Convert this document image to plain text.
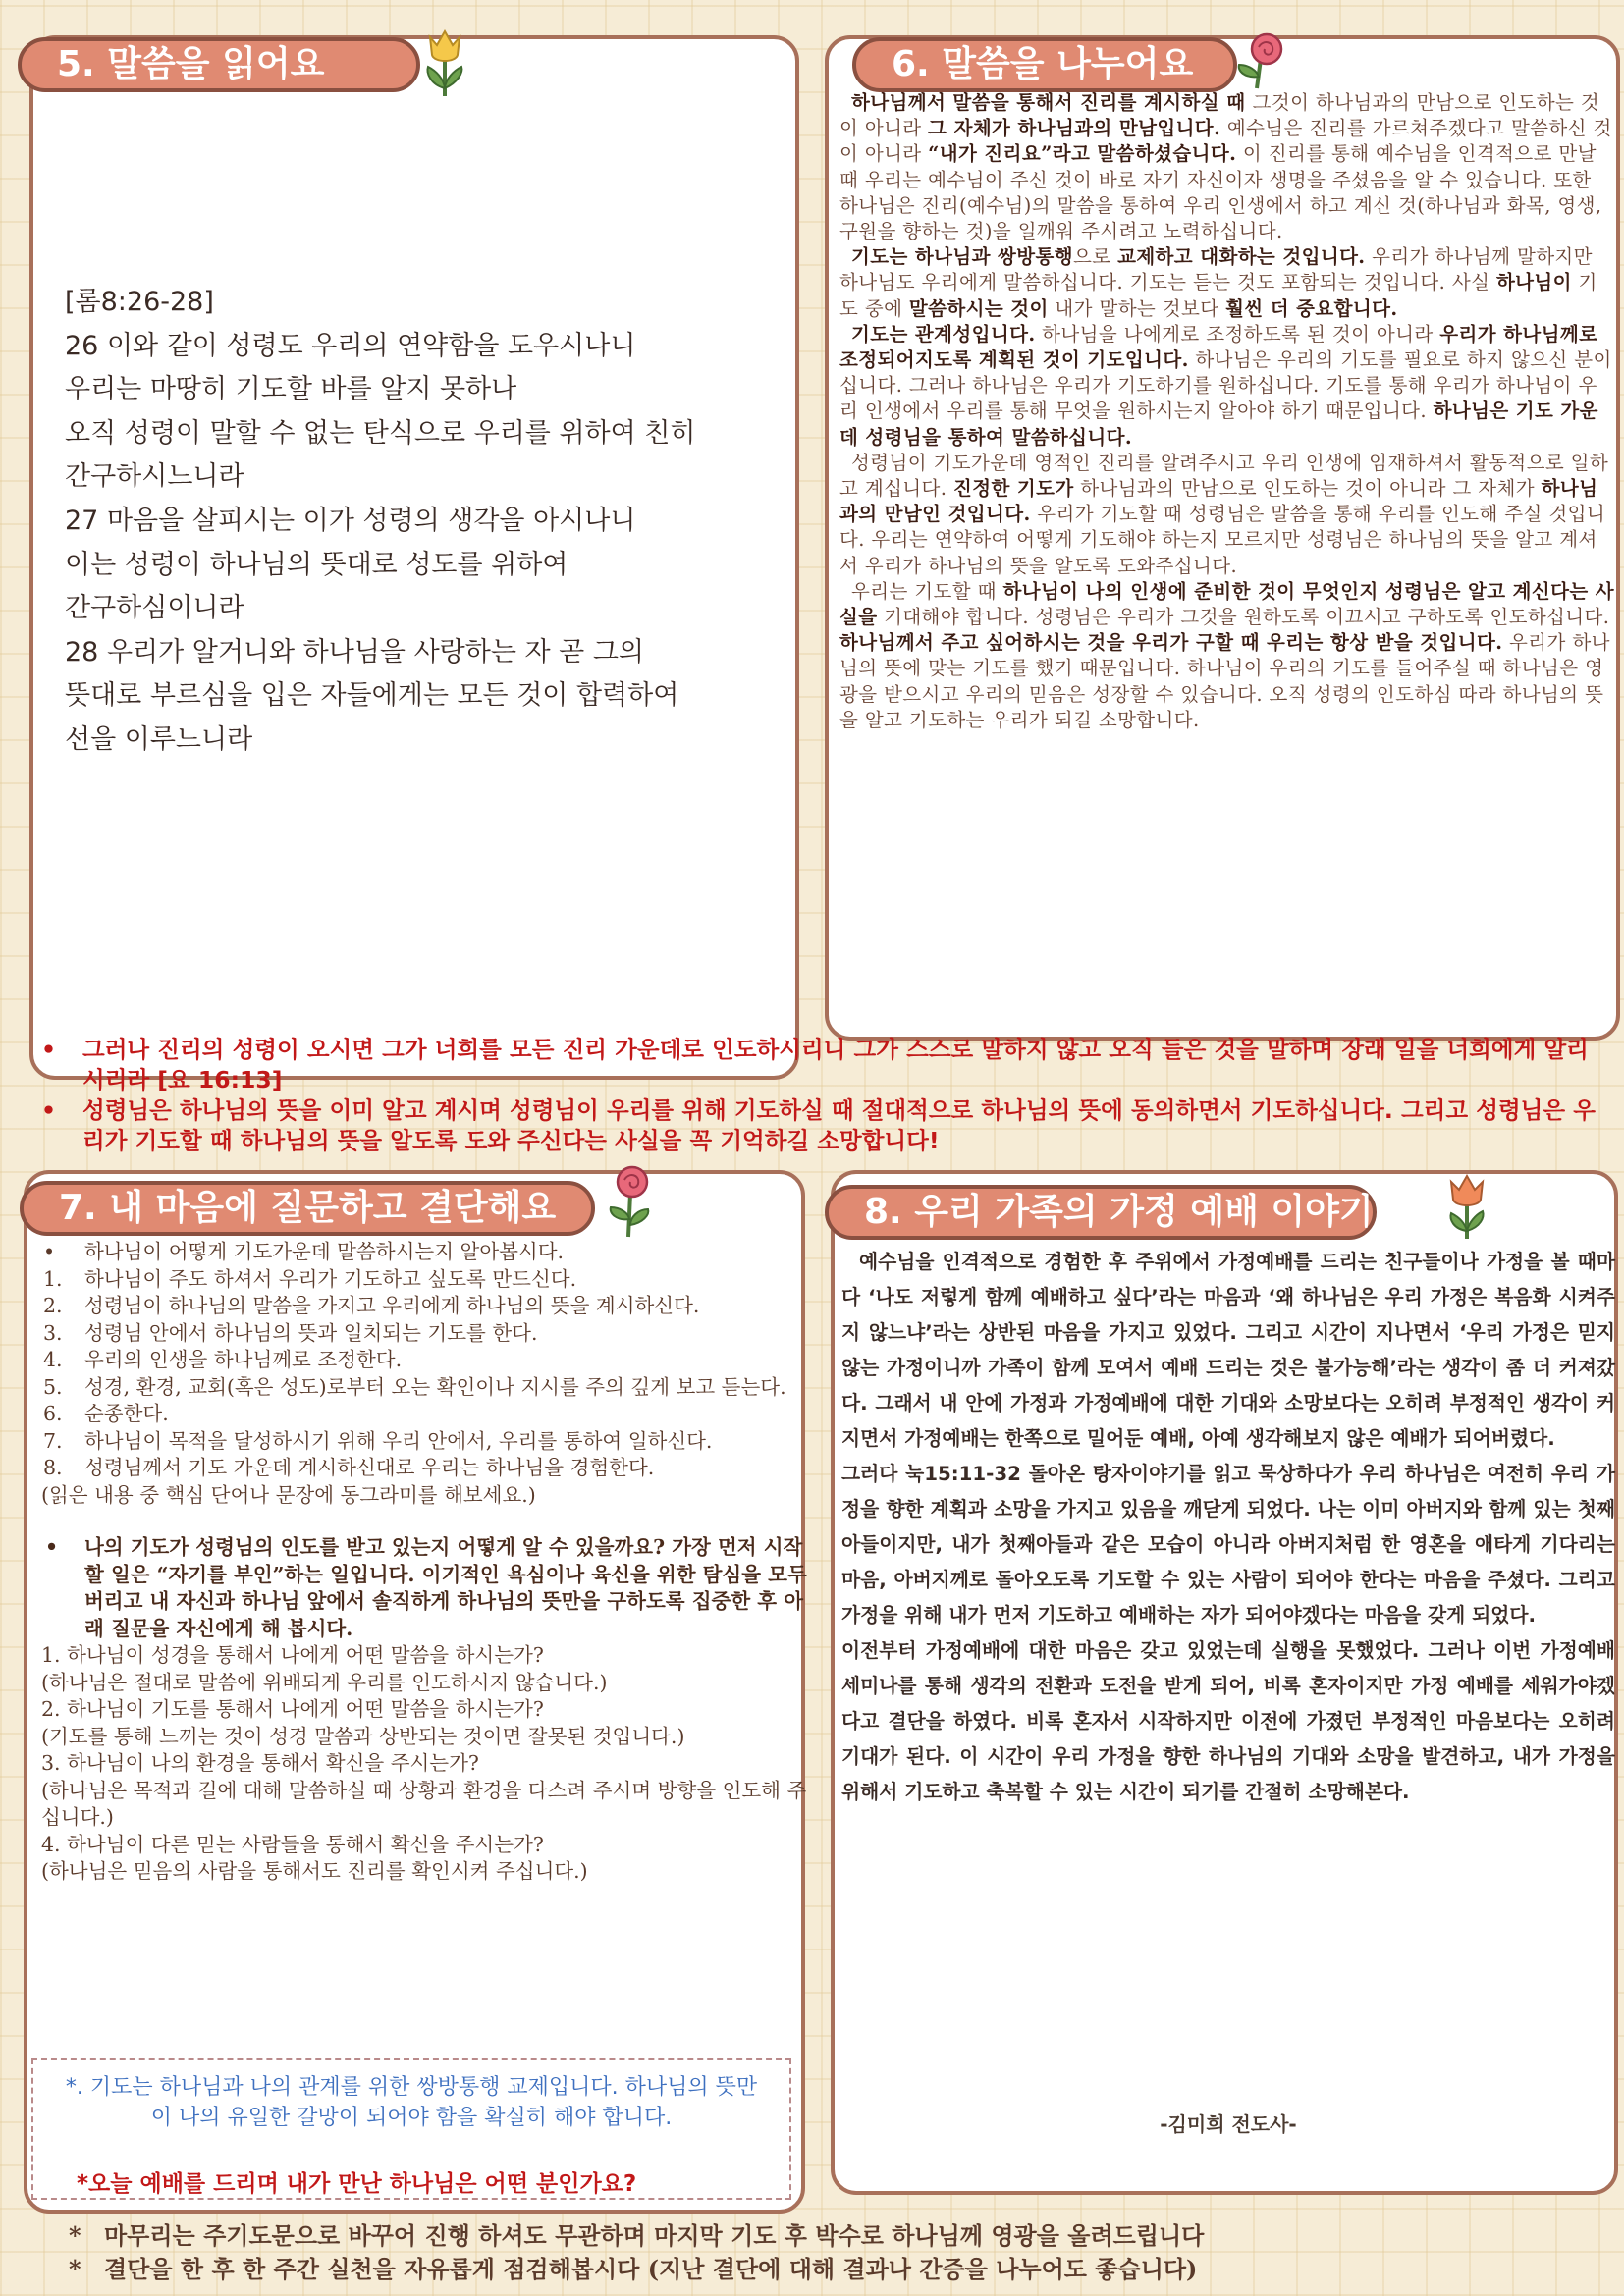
5. 말씀을 읽어요	6. 말씀을 나누어요
7. 내 마음에 질문하고 결단해요	8. 우리 가족의 가정 예배 이야기
[롬8:26-28]
26 이와 같이 성령도 우리의 연약함을 도우시나니
우리는 마땅히 기도할 바를 알지 못하나
오직 성령이 말할 수 없는 탄식으로 우리를 위하여 친히
간구하시느니라
27 마음을 살피시는 이가 성령의 생각을 아시나니
이는 성령이 하나님의 뜻대로 성도를 위하여
간구하심이니라
28 우리가 알거니와 하나님을 사랑하는 자 곧 그의
뜻대로 부르심을 입은 자들에게는 모든 것이 합력하여
선을 이루느니라

하나님께서 말씀을 통해서 진리를 계시하실 때 그것이 하나님과의 만남으로 인도하는 것이 아니라 그 자체가 하나님과의 만남입니다. 예수님은 진리를 가르쳐주겠다고 말씀하신 것이 아니라 “내가 진리요”라고 말씀하셨습니다. 이 진리를 통해 예수님을 인격적으로 만날 때 우리는 예수님이 주신 것이 바로 자기 자신이자 생명을 주셨음을 알 수 있습니다. 또한 하나님은 진리(예수님)의 말씀을 통하여 우리 인생에서 하고 계신 것(하나님과 화목, 영생, 구원을 향하는 것)을 일깨워 주시려고 노력하십니다.

기도는 하나님과 쌍방통행으로 교제하고 대화하는 것입니다. 우리가 하나님께 말하지만 하나님도 우리에게 말씀하십니다. 기도는 듣는 것도 포함되는 것입니다. 사실 하나님이 기도 중에 말씀하시는 것이 내가 말하는 것보다 훨씬 더 중요합니다.

기도는 관계성입니다. 하나님을 나에게로 조정하도록 된 것이 아니라 우리가 하나님께로 조정되어지도록 계획된 것이 기도입니다. 하나님은 우리의 기도를 필요로 하지 않으신 분이십니다. 그러나 하나님은 우리가 기도하기를 원하십니다. 기도를 통해 우리가 하나님이 우리 인생에서 우리를 통해 무엇을 원하시는지 알아야 하기 때문입니다. 하나님은 기도 가운데 성령님을 통하여 말씀하십니다.

성령님이 기도가운데 영적인 진리를 알려주시고 우리 인생에 임재하셔서 활동적으로 일하고 계십니다. 진정한 기도가 하나님과의 만남으로 인도하는 것이 아니라 그 자체가 하나님과의 만남인 것입니다. 우리가 기도할 때 성령님은 말씀을 통해 우리를 인도해 주실 것입니다. 우리는 연약하여 어떻게 기도해야 하는지 모르지만 성령님은 하나님의 뜻을 알고 계셔서 우리가 하나님의 뜻을 알도록 도와주십니다.

우리는 기도할 때 하나님이 나의 인생에 준비한 것이 무엇인지 성령님은 알고 계신다는 사실을 기대해야 합니다. 성령님은 우리가 그것을 원하도록 이끄시고 구하도록 인도하십니다. 하나님께서 주고 싶어하시는 것을 우리가 구할 때 우리는 항상 받을 것입니다. 우리가 하나님의 뜻에 맞는 기도를 했기 때문입니다. 하나님이 우리의 기도를 들어주실 때 하나님은 영광을 받으시고 우리의 믿음은 성장할 수 있습니다. 오직 성령의 인도하심 따라 하나님의 뜻을 알고 기도하는 우리가 되길 소망합니다.

• 그러나 진리의 성령이 오시면 그가 너희를 모든 진리 가운데로 인도하시리니 그가 스스로 말하지 않고 오직 들은 것을 말하며 장래 일을 너희에게 알리시리라 [요 16:13]
• 성령님은 하나님의 뜻을 이미 알고 계시며 성령님이 우리를 위해 기도하실 때 절대적으로 하나님의 뜻에 동의하면서 기도하십니다. 그리고 성령님은 우리가 기도할 때 하나님의 뜻을 알도록 도와 주신다는 사실을 꼭 기억하길 소망합니다!
• 하나님이 어떻게 기도가운데 말씀하시는지 알아봅시다.
1. 하나님이 주도 하셔서 우리가 기도하고 싶도록 만드신다.
2. 성령님이 하나님의 말씀을 가지고 우리에게 하나님의 뜻을 계시하신다.
3. 성령님 안에서 하나님의 뜻과 일치되는 기도를 한다.
4. 우리의 인생을 하나님께로 조정한다.
5. 성경, 환경, 교회(혹은 성도)로부터 오는 확인이나 지시를 주의 깊게 보고 듣는다.
6. 순종한다.
7. 하나님이 목적을 달성하시기 위해 우리 안에서, 우리를 통하여 일하신다.
8. 성령님께서 기도 가운데 계시하신대로 우리는 하나님을 경험한다.
(읽은 내용 중 핵심 단어나 문장에 동그라미를 해보세요.)
• 나의 기도가 성령님의 인도를 받고 있는지 어떻게 알 수 있을까요? 가장 먼저 시작할 일은 “자기를 부인”하는 일입니다. 이기적인 욕심이나 육신을 위한 탐심을 모두 버리고 내 자신과 하나님 앞에서 솔직하게 하나님의 뜻만을 구하도록 집중한 후 아래 질문을 자신에게 해 봅시다.
1. 하나님이 성경을 통해서 나에게 어떤 말씀을 하시는가?
(하나님은 절대로 말씀에 위배되게 우리를 인도하시지 않습니다.)
2. 하나님이 기도를 통해서 나에게 어떤 말씀을 하시는가?
(기도를 통해 느끼는 것이 성경 말씀과 상반되는 것이면 잘못된 것입니다.)
3. 하나님이 나의 환경을 통해서 확신을 주시는가?
(하나님은 목적과 길에 대해 말씀하실 때 상황과 환경을 다스려 주시며 방향을 인도해 주십니다.)
4. 하나님이 다른 믿는 사람들을 통해서 확신을 주시는가?
(하나님은 믿음의 사람을 통해서도 진리를 확인시켜 주십니다.)
*. 기도는 하나님과 나의 관계를 위한 쌍방통행 교제입니다. 하나님의 뜻만이 나의 유일한 갈망이 되어야 함을 확실히 해야 합니다.
*오늘 예배를 드리며 내가 만난 하나님은 어떤 분인가요?

예수님을 인격적으로 경험한 후 주위에서 가정예배를 드리는 친구들이나 가정을 볼 때마다 ‘나도 저렇게 함께 예배하고 싶다’라는 마음과 ‘왜 하나님은 우리 가정은 복음화 시켜주지 않느냐’라는 상반된 마음을 가지고 있었다. 그리고 시간이 지나면서 ‘우리 가정은 믿지 않는 가정이니까 가족이 함께 모여서 예배 드리는 것은 불가능해’라는 생각이 좀 더 커져갔다. 그래서 내 안에 가정과 가정예배에 대한 기대와 소망보다는 오히려 부정적인 생각이 커지면서 가정예배는 한쪽으로 밀어둔 예배, 아예 생각해보지 않은 예배가 되어버렸다.

그러다 눅15:11-32 돌아온 탕자이야기를 읽고 묵상하다가 우리 하나님은 여전히 우리 가정을 향한 계획과 소망을 가지고 있음을 깨닫게 되었다. 나는 이미 아버지와 함께 있는 첫째 아들이지만, 내가 첫째아들과 같은 모습이 아니라 아버지처럼 한 영혼을 애타게 기다리는 마음, 아버지께로 돌아오도록 기도할 수 있는 사람이 되어야 한다는 마음을 주셨다. 그리고 가정을 위해 내가 먼저 기도하고 예배하는 자가 되어야겠다는 마음을 갖게 되었다.

이전부터 가정예배에 대한 마음은 갖고 있었는데 실행을 못했었다. 그러나 이번 가정예배 세미나를 통해 생각의 전환과 도전을 받게 되어, 비록 혼자이지만 가정 예배를 세워가야겠다고 결단을 하였다. 비록 혼자서 시작하지만 이전에 가졌던 부정적인 마음보다는 오히려 기대가 된다. 이 시간이 우리 가정을 향한 하나님의 기대와 소망을 발견하고, 내가 가정을 위해서 기도하고 축복할 수 있는 시간이 되기를 간절히 소망해본다.

-김미희 전도사-
* 마무리는 주기도문으로 바꾸어 진행 하셔도 무관하며 마지막 기도 후 박수로 하나님께 영광을 올려드립니다
* 결단을 한 후 한 주간 실천을 자유롭게 점검해봅시다 (지난 결단에 대해 결과나 간증을 나누어도 좋습니다)
